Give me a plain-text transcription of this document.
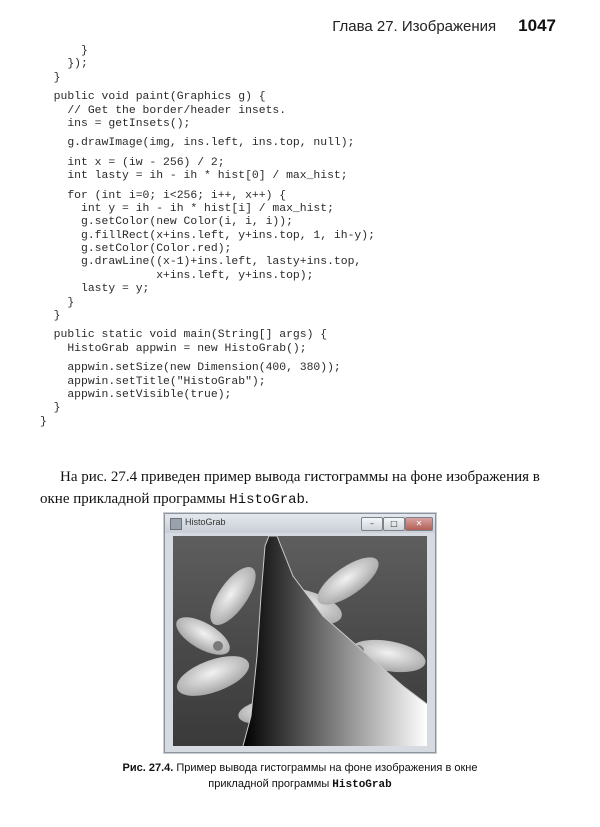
Глава 27. Изображения 1047
}
});
}
public void paint(Graphics g) {
// Get the border/header insets.
ins = getInsets();
g.drawImage(img, ins.left, ins.top, null);
int x = (iw - 256) / 2;
int lasty = ih - ih * hist[0] / max_hist;
for (int i=0; i<256; i++, x++) {
int y = ih - ih * hist[i] / max_hist;
g.setColor(new Color(i, i, i));
g.fillRect(x+ins.left, y+ins.top, 1, ih-y);
g.setColor(Color.red);
g.drawLine((x-1)+ins.left, lasty+ins.top,
x+ins.left, y+ins.top);
lasty = y;
}
}
public static void main(String[] args) {
HistoGrab appwin = new HistoGrab();
appwin.setSize(new Dimension(400, 380));
appwin.setTitle("HistoGrab");
appwin.setVisible(true);
}
}
На рис. 27.4 приведен пример вывода гистограммы на фоне изображения в окне прикладной программы HistoGrab.
HistoGrab	–	□	✕
Рис. 27.4. Пример вывода гистограммы на фоне изображения в окне прикладной программы HistoGrab
